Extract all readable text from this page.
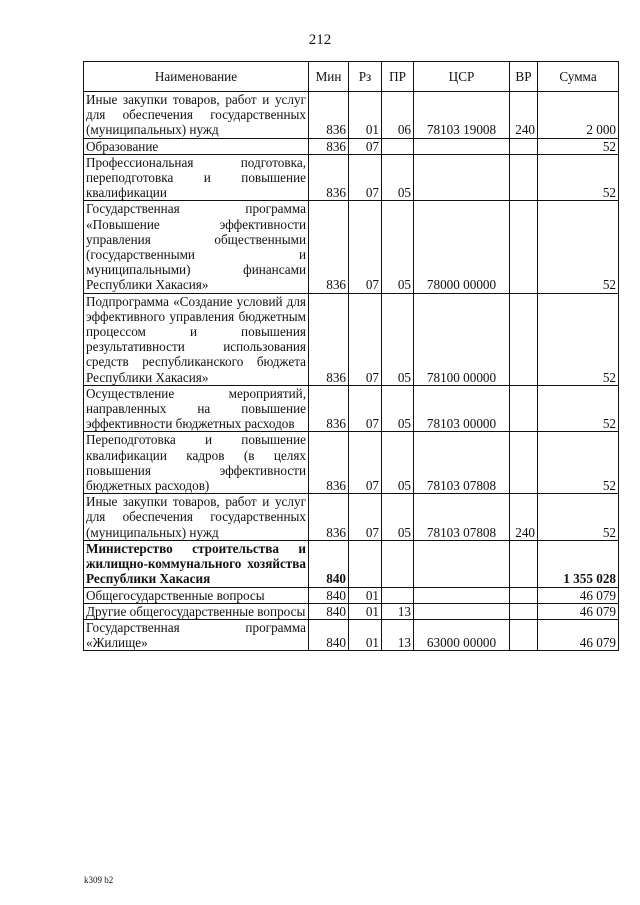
212
Наименование	Мин	Рз	ПР	ЦСР	ВР	Сумма
Иные закупки товаров, работ и услуг для обеспечения государственных (муниципальных) нужд	836	01	06	78103 19008	240	2 000
Образование	836	07				52
Профессиональная подготовка, переподготовка и повышение квалификации	836	07	05			52
Государственная программа «Повышение эффективности управления общественными (государственными и муниципальными) финансами Республики Хакасия»	836	07	05	78000 00000		52
Подпрограмма «Создание условий для эффективного управления бюджетным процессом и повышения результативности использования средств республиканского бюджета Республики Хакасия»	836	07	05	78100 00000		52
Осуществление мероприятий, направленных на повышение эффективности бюджетных расходов	836	07	05	78103 00000		52
Переподготовка и повышение квалификации кадров (в целях повышения эффективности бюджетных расходов)	836	07	05	78103 07808		52
Иные закупки товаров, работ и услуг для обеспечения государственных (муниципальных) нужд	836	07	05	78103 07808	240	52
Министерство строительства и жилищно-коммунального хозяйства Республики Хакасия	840					1 355 028
Общегосударственные вопросы	840	01				46 079
Другие общегосударственные вопросы	840	01	13			46 079
Государственная программа «Жилище»	840	01	13	63000 00000		46 079
k309 b2
